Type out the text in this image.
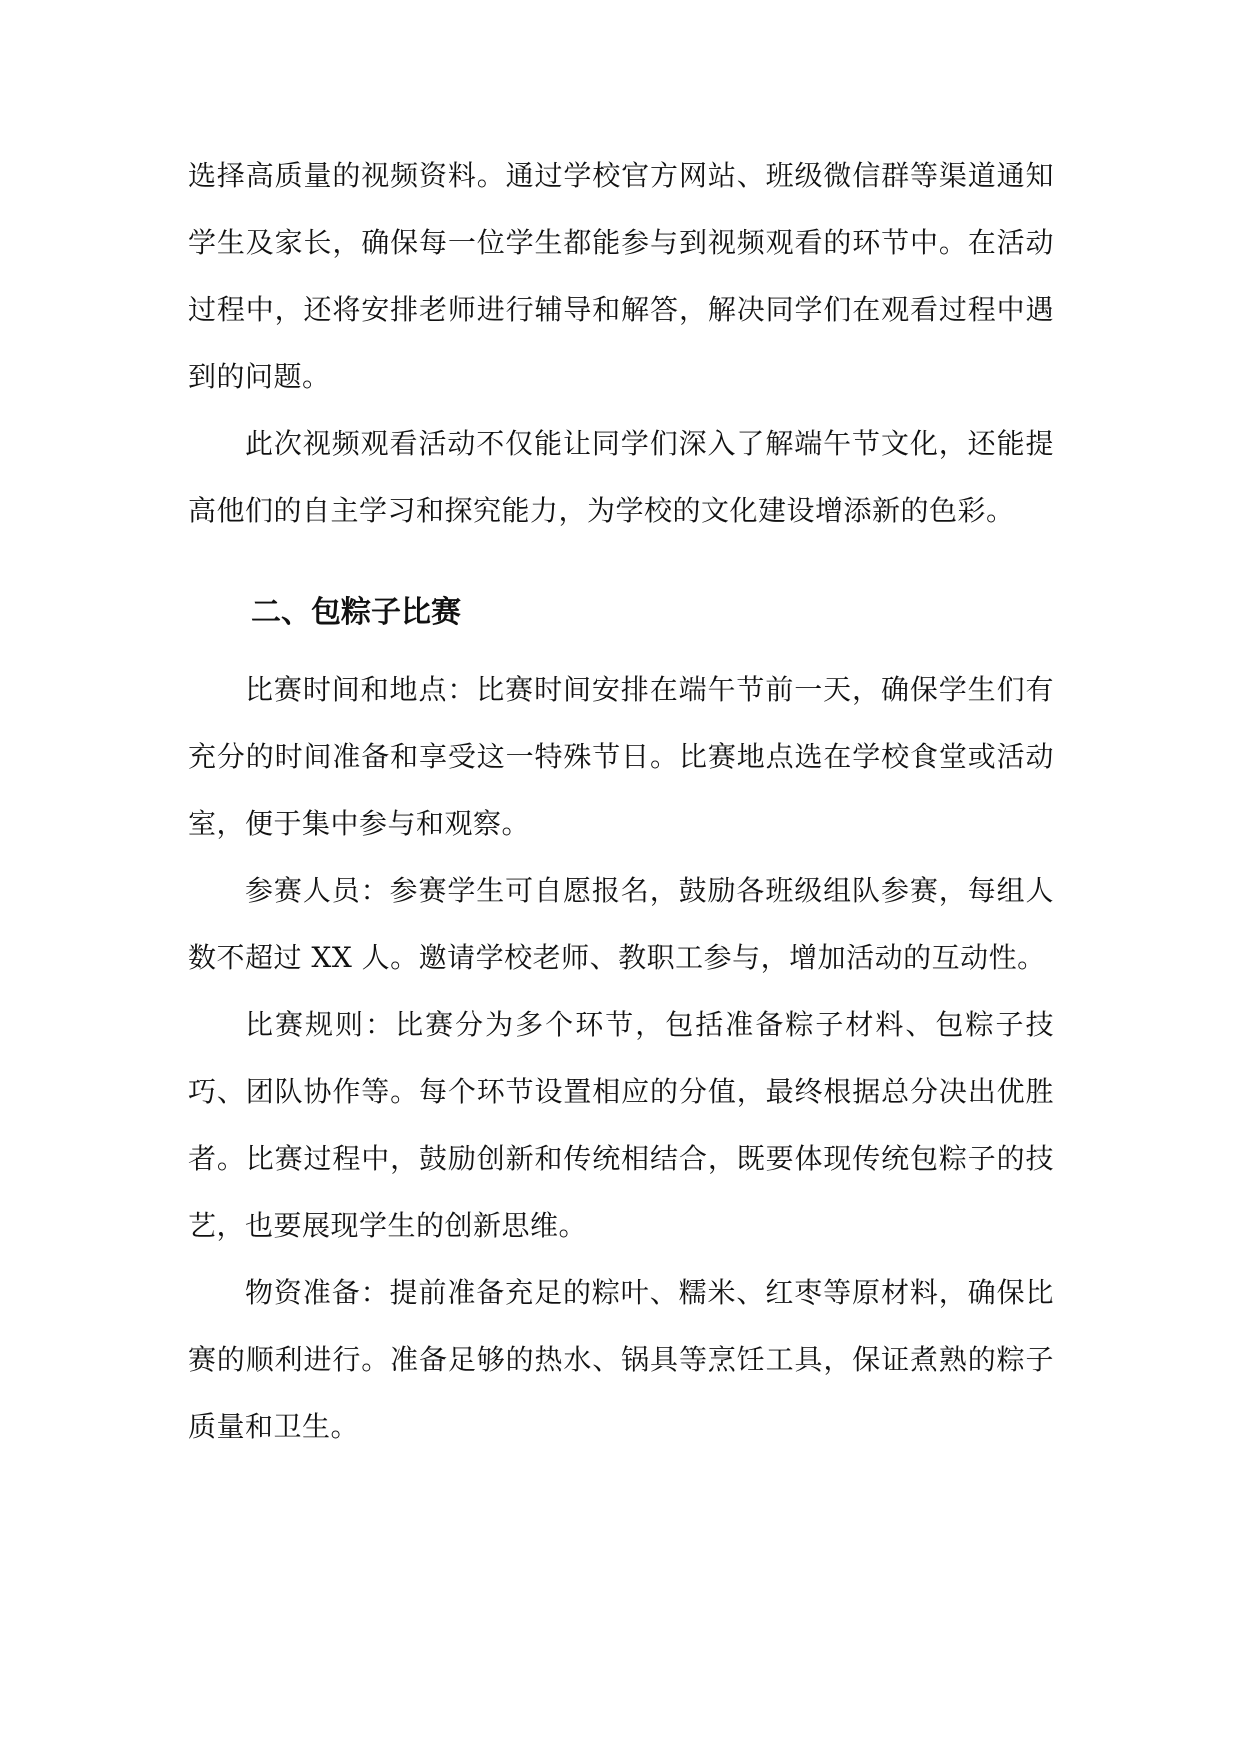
选择高质量的视频资料。通过学校官方网站、班级微信群等渠道通知学生及家长，确保每一位学生都能参与到视频观看的环节中。在活动过程中，还将安排老师进行辅导和解答，解决同学们在观看过程中遇到的问题。

此次视频观看活动不仅能让同学们深入了解端午节文化，还能提高他们的自主学习和探究能力，为学校的文化建设增添新的色彩。

二、包粽子比赛

比赛时间和地点：比赛时间安排在端午节前一天，确保学生们有充分的时间准备和享受这一特殊节日。比赛地点选在学校食堂或活动室，便于集中参与和观察。

参赛人员：参赛学生可自愿报名，鼓励各班级组队参赛，每组人数不超过 XX 人。邀请学校老师、教职工参与，增加活动的互动性。

比赛规则：比赛分为多个环节，包括准备粽子材料、包粽子技巧、团队协作等。每个环节设置相应的分值，最终根据总分决出优胜者。比赛过程中，鼓励创新和传统相结合，既要体现传统包粽子的技艺，也要展现学生的创新思维。

物资准备：提前准备充足的粽叶、糯米、红枣等原材料，确保比赛的顺利进行。准备足够的热水、锅具等烹饪工具，保证煮熟的粽子质量和卫生。
